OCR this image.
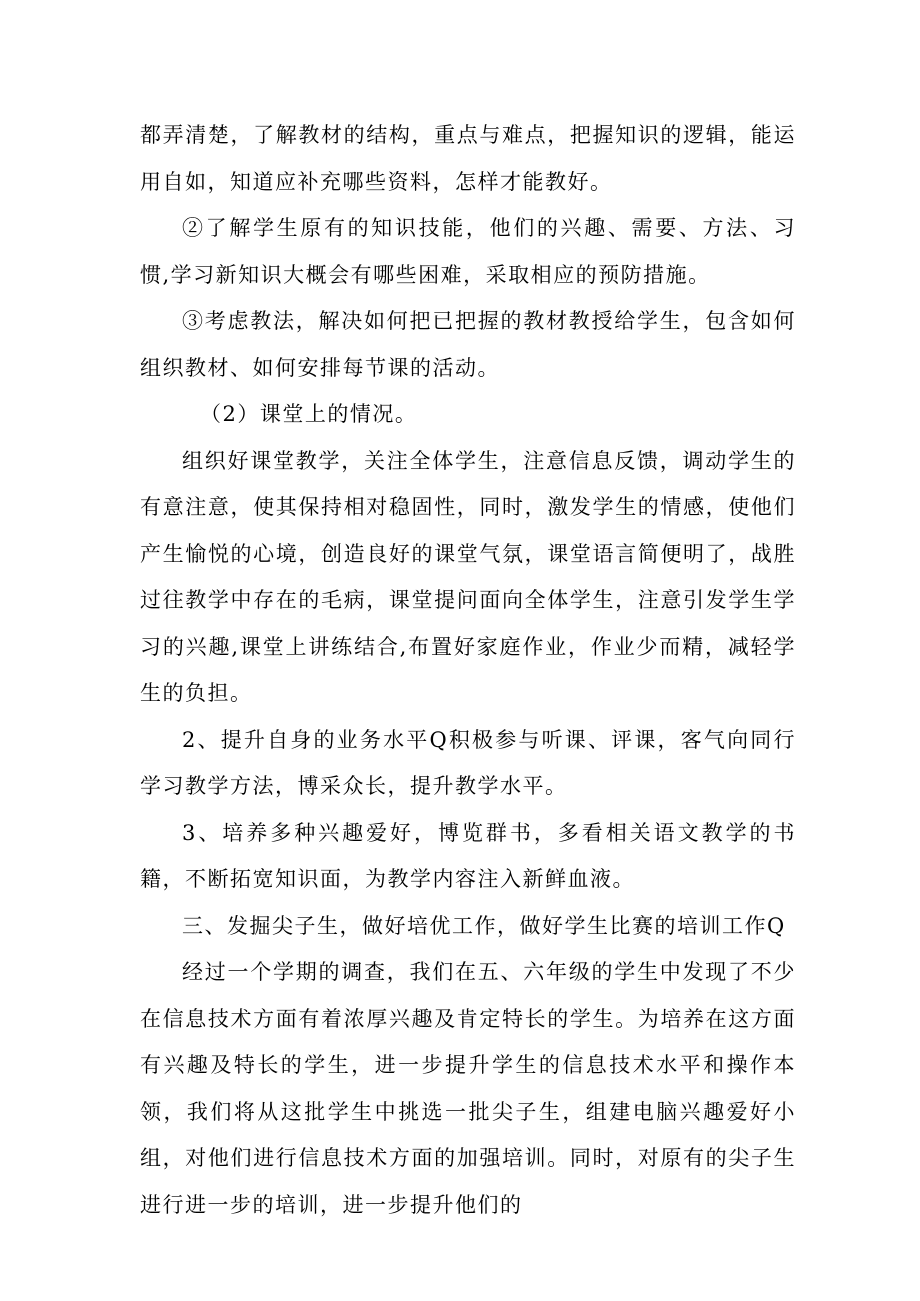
都弄清楚，了解教材的结构，重点与难点，把握知识的逻辑，能运用自如，知道应补充哪些资料，怎样才能教好。

②了解学生原有的知识技能，他们的兴趣、需要、方法、习惯,学习新知识大概会有哪些困难，采取相应的预防措施。

③考虑教法，解决如何把已把握的教材教授给学生，包含如何组织教材、如何安排每节课的活动。

（2）课堂上的情况。

组织好课堂教学，关注全体学生，注意信息反馈，调动学生的有意注意，使其保持相对稳固性，同时，激发学生的情感，使他们产生愉悦的心境，创造良好的课堂气氛，课堂语言简便明了，战胜过往教学中存在的毛病，课堂提问面向全体学生，注意引发学生学习的兴趣,课堂上讲练结合,布置好家庭作业，作业少而精，减轻学生的负担。

2、提升自身的业务水平Q积极参与听课、评课，客气向同行学习教学方法，博采众长，提升教学水平。

3、培养多种兴趣爱好，博览群书，多看相关语文教学的书籍，不断拓宽知识面，为教学内容注入新鲜血液。

三、发掘尖子生，做好培优工作，做好学生比赛的培训工作Q

经过一个学期的调查，我们在五、六年级的学生中发现了不少在信息技术方面有着浓厚兴趣及肯定特长的学生。为培养在这方面有兴趣及特长的学生，进一步提升学生的信息技术水平和操作本领，我们将从这批学生中挑选一批尖子生，组建电脑兴趣爱好小组，对他们进行信息技术方面的加强培训。同时，对原有的尖子生进行进一步的培训，进一步提升他们的
